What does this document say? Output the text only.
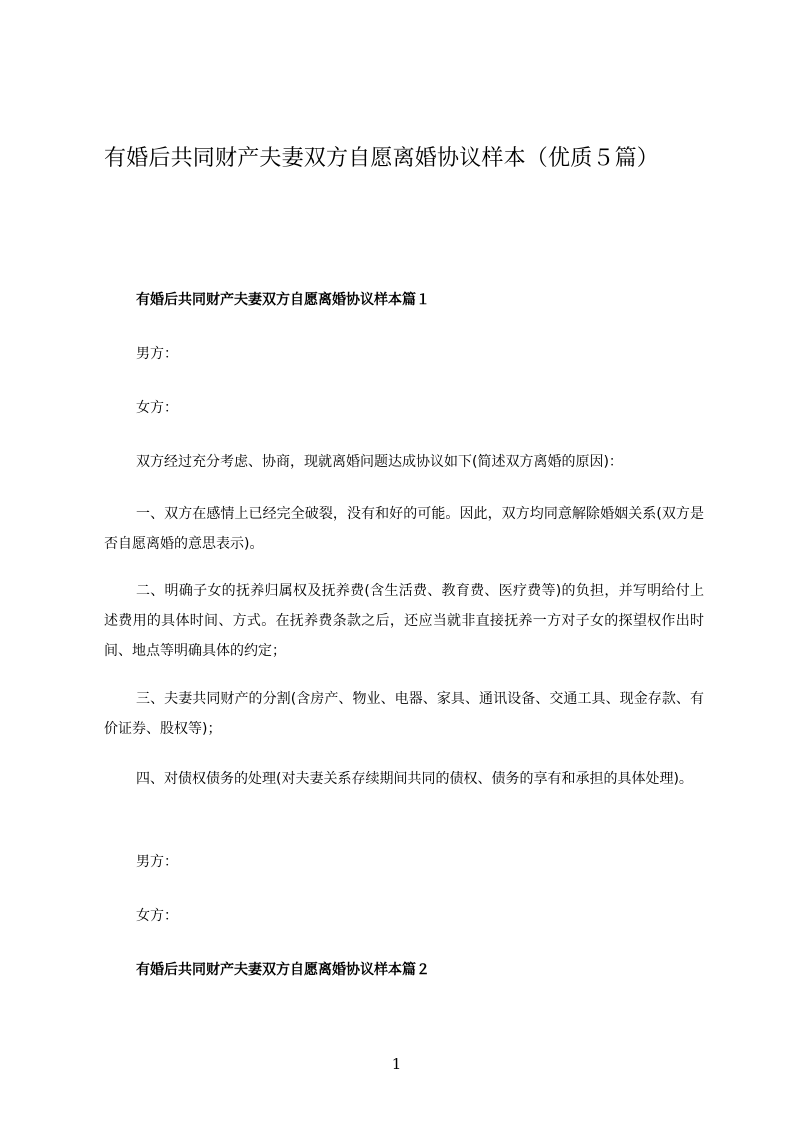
有婚后共同财产夫妻双方自愿离婚协议样本（优质５篇）
有婚后共同财产夫妻双方自愿离婚协议样本篇１
男方：
女方：
双方经过充分考虑、协商，现就离婚问题达成协议如下(简述双方离婚的原因)：
一、双方在感情上已经完全破裂，没有和好的可能。因此，双方均同意解除婚姻关系(双方是否自愿离婚的意思表示)。
二、明确子女的抚养归属权及抚养费(含生活费、教育费、医疗费等)的负担，并写明给付上述费用的具体时间、方式。在抚养费条款之后，还应当就非直接抚养一方对子女的探望权作出时间、地点等明确具体的约定；
三、夫妻共同财产的分割(含房产、物业、电器、家具、通讯设备、交通工具、现金存款、有价证券、股权等)；
四、对债权债务的处理(对夫妻关系存续期间共同的债权、债务的享有和承担的具体处理)。
男方：
女方：
有婚后共同财产夫妻双方自愿离婚协议样本篇２
1
